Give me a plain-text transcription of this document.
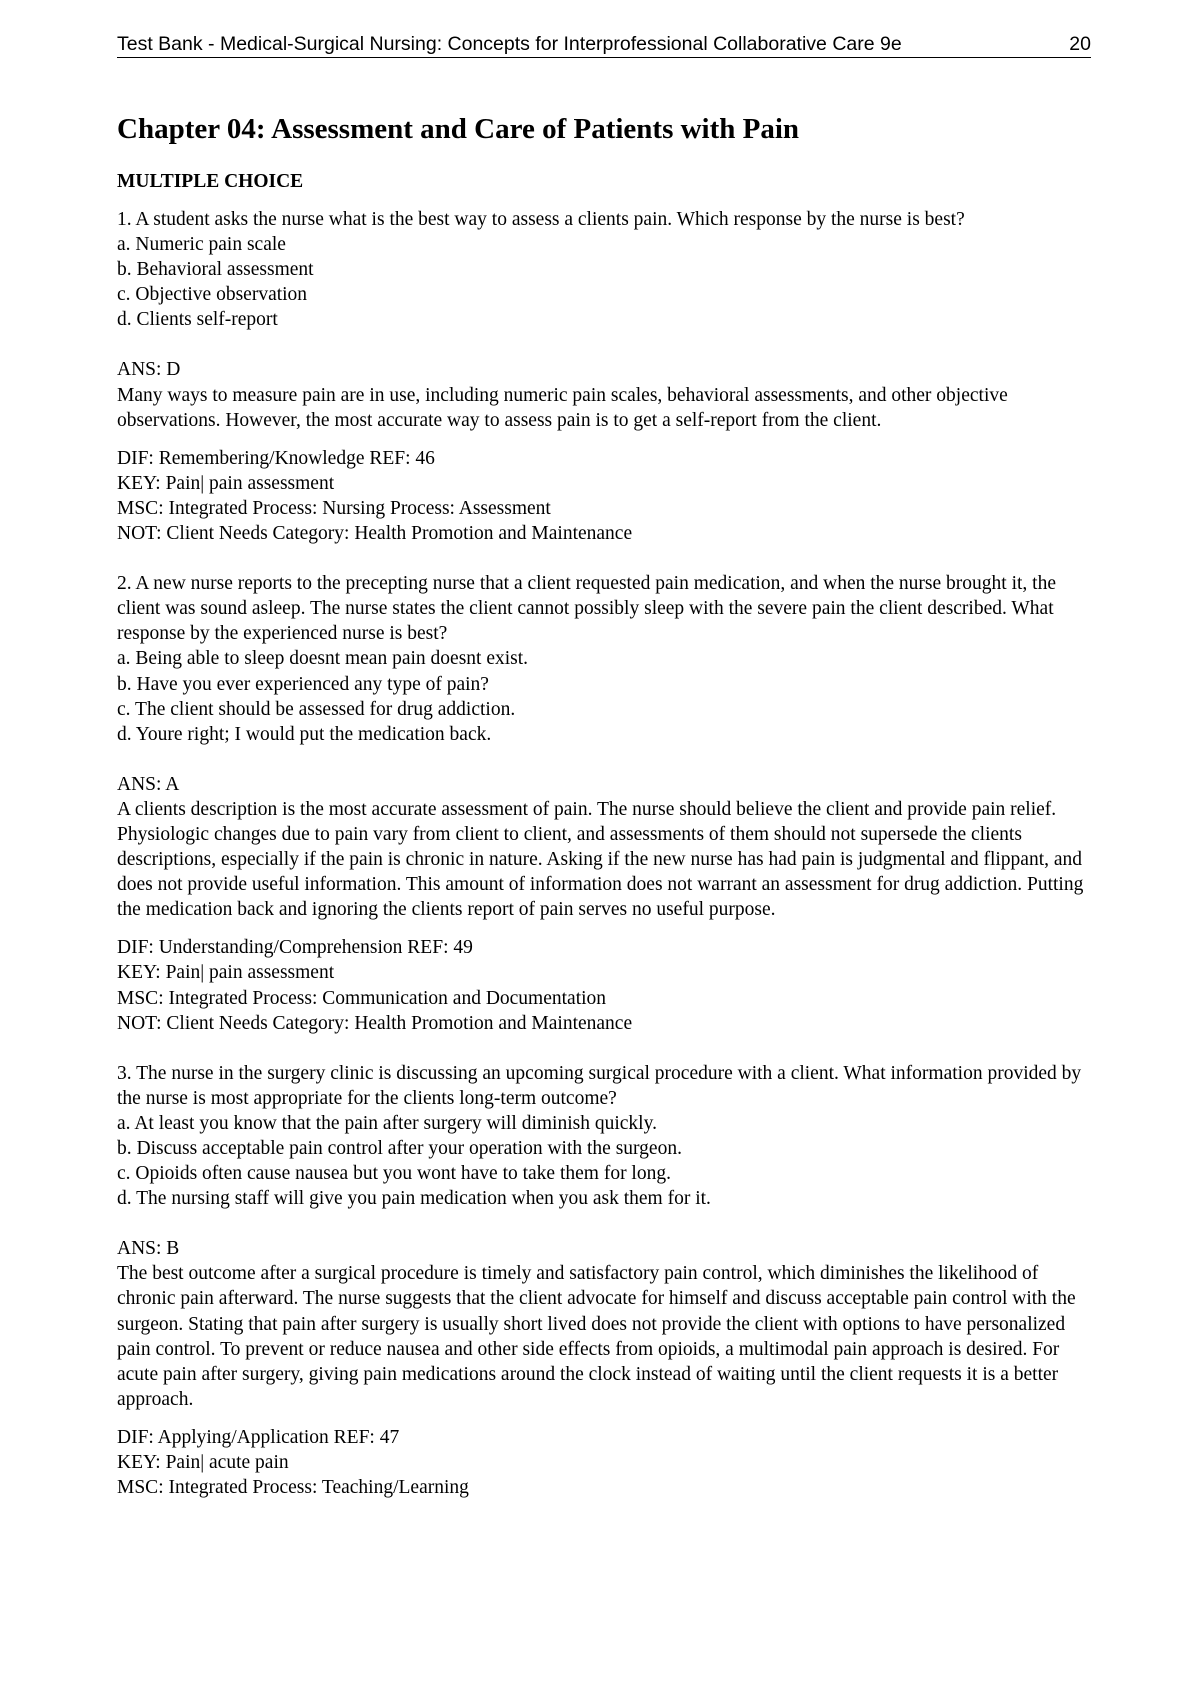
Test Bank - Medical-Surgical Nursing: Concepts for Interprofessional Collaborative Care 9e	20
Chapter 04: Assessment and Care of Patients with Pain
MULTIPLE CHOICE

1. A student asks the nurse what is the best way to assess a clients pain. Which response by the nurse is best?

a. Numeric pain scale

b. Behavioral assessment

c. Objective observation

d. Clients self-report

ANS: D

Many ways to measure pain are in use, including numeric pain scales, behavioral assessments, and other objective observations. However, the most accurate way to assess pain is to get a self-report from the client.

DIF: Remembering/Knowledge REF: 46

KEY: Pain| pain assessment

MSC: Integrated Process: Nursing Process: Assessment

NOT: Client Needs Category: Health Promotion and Maintenance

2. A new nurse reports to the precepting nurse that a client requested pain medication, and when the nurse brought it, the client was sound asleep. The nurse states the client cannot possibly sleep with the severe pain the client described. What response by the experienced nurse is best?

a. Being able to sleep doesnt mean pain doesnt exist.

b. Have you ever experienced any type of pain?

c. The client should be assessed for drug addiction.

d. Youre right; I would put the medication back.

ANS: A

A clients description is the most accurate assessment of pain. The nurse should believe the client and provide pain relief. Physiologic changes due to pain vary from client to client, and assessments of them should not supersede the clients descriptions, especially if the pain is chronic in nature. Asking if the new nurse has had pain is judgmental and flippant, and does not provide useful information. This amount of information does not warrant an assessment for drug addiction. Putting the medication back and ignoring the clients report of pain serves no useful purpose.

DIF: Understanding/Comprehension REF: 49

KEY: Pain| pain assessment

MSC: Integrated Process: Communication and Documentation

NOT: Client Needs Category: Health Promotion and Maintenance

3. The nurse in the surgery clinic is discussing an upcoming surgical procedure with a client. What information provided by the nurse is most appropriate for the clients long-term outcome?

a. At least you know that the pain after surgery will diminish quickly.

b. Discuss acceptable pain control after your operation with the surgeon.

c. Opioids often cause nausea but you wont have to take them for long.

d. The nursing staff will give you pain medication when you ask them for it.

ANS: B

The best outcome after a surgical procedure is timely and satisfactory pain control, which diminishes the likelihood of chronic pain afterward. The nurse suggests that the client advocate for himself and discuss acceptable pain control with the surgeon. Stating that pain after surgery is usually short lived does not provide the client with options to have personalized pain control. To prevent or reduce nausea and other side effects from opioids, a multimodal pain approach is desired. For acute pain after surgery, giving pain medications around the clock instead of waiting until the client requests it is a better approach.

DIF: Applying/Application REF: 47

KEY: Pain| acute pain

MSC: Integrated Process: Teaching/Learning
